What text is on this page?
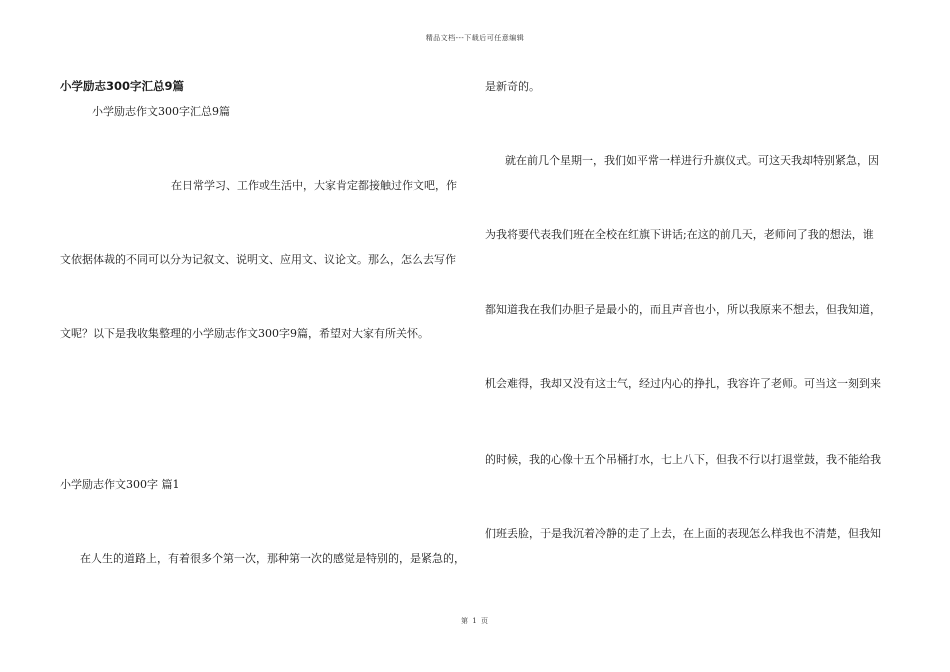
精品文档---下载后可任意编辑
小学励志300字汇总9篇
小学励志作文300字汇总9篇
在日常学习、工作或生活中，大家肯定都接触过作文吧，作
文依据体裁的不同可以分为记叙文、说明文、应用文、议论文。那么，怎么去写作
文呢？以下是我收集整理的小学励志作文300字9篇，希望对大家有所关怀。
小学励志作文300字 篇1
在人生的道路上，有着很多个第一次，那种第一次的感觉是特别的，是紧急的，
是新奇的。
就在前几个星期一，我们如平常一样进行升旗仪式。可这天我却特别紧急，因
为我将要代表我们班在全校在红旗下讲话;在这的前几天，老师问了我的想法，谁
都知道我在我们办胆子是最小的，而且声音也小，所以我原来不想去，但我知道，
机会难得，我却又没有这士气，经过内心的挣扎，我容许了老师。可当这一刻到来
的时候，我的心像十五个吊桶打水，七上八下，但我不行以打退堂鼓，我不能给我
们班丢脸，于是我沉着冷静的走了上去，在上面的表现怎么样我也不清楚，但我知
第 1 页
